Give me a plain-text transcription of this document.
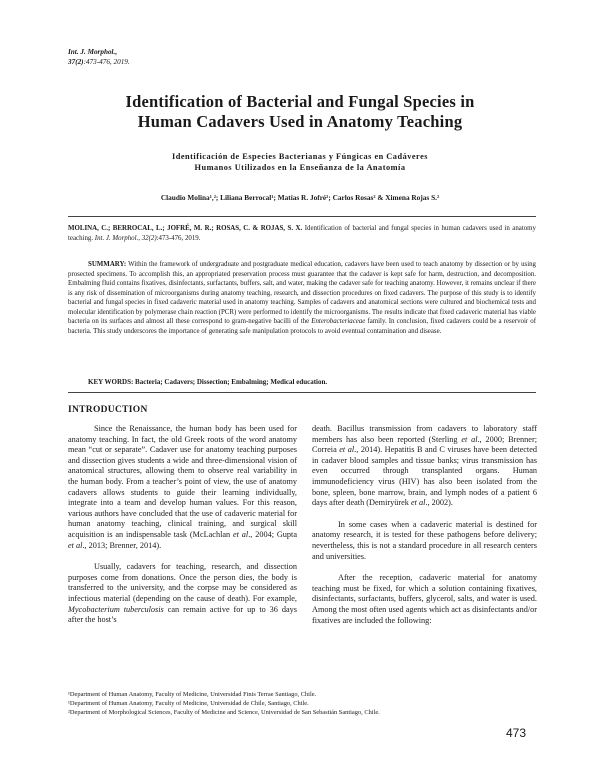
Int. J. Morphol.,
37(2):473-476, 2019.
Identification of Bacterial and Fungal Species in
Human Cadavers Used in Anatomy Teaching
Identificación de Especies Bacterianas y Fúngicas en Cadáveres
Humanos Utilizados en la Enseñanza de la Anatomía
Claudio Molina¹,²; Liliana Berrocal¹; Matías R. Jofré²; Carlos Rosas² & Ximena Rojas S.²
MOLINA, C.; BERROCAL, L.; JOFRÉ, M. R.; ROSAS, C. & ROJAS, S. X. Identification of bacterial and fungal species in human cadavers used in anatomy teaching. Int. J. Morphol., 32(2):473-476, 2019.
SUMMARY: Within the framework of undergraduate and postgraduate medical education, cadavers have been used to teach anatomy by dissection or by using prosected specimens. To accomplish this, an appropriated preservation process must guarantee that the cadaver is kept safe for harm, destruction, and decomposition. Embalming fluid contains fixatives, disinfectants, surfactants, buffers, salt, and water, making the cadaver safe for teaching anatomy. However, it remains unclear if there is any risk of dissemination of microorganisms during anatomy teaching, research, and dissection procedures on fixed cadavers. The purpose of this study is to identify bacterial and fungal species in fixed cadaveric material used in anatomy teaching. Samples of cadavers and anatomical sections were cultured and biochemical tests and molecular identification by polymerase chain reaction (PCR) were performed to identify the microorganisms. The results indicate that fixed cadaveric material has viable bacteria on its surfaces and almost all these correspond to gram-negative bacilli of the Enterobacteriaceae family. In conclusion, fixed cadavers could be a reservoir of bacteria. This study underscores the importance of generating safe manipulation protocols to avoid eventual contamination and disease.
KEY WORDS: Bacteria; Cadavers; Dissection; Embalming; Medical education.
INTRODUCTION

Since the Renaissance, the human body has been used for anatomy teaching. In fact, the old Greek roots of the word anatomy mean “cut or separate”. Cadaver use for anatomy teaching purposes and dissection gives students a wide and three-dimensional vision of anatomical structures, allowing them to observe real variability in the human body. From a teacher’s point of view, the use of anatomy cadavers allows students to guide their learning individually, integrate into a team and develop human values. For this reason, various authors have concluded that the use of cadaveric material for human anatomy teaching, clinical training, and surgical skill acquisition is an indispensable task (McLachlan et al., 2004; Gupta et al., 2013; Brenner, 2014).

Usually, cadavers for teaching, research, and dissection purposes come from donations. Once the person dies, the body is transferred to the university, and the corpse may be considered as infectious material (depending on the cause of death). For example, Mycobacterium tuberculosis can remain active for up to 36 days after the host’s

death. Bacillus transmission from cadavers to laboratory staff members has also been reported (Sterling et al., 2000; Brenner; Correia et al., 2014). Hepatitis B and C viruses have been detected in cadaver blood samples and tissue banks; virus transmission has even occurred through transplanted organs. Human immunodeficiency virus (HIV) has also been isolated from the bone, spleen, bone marrow, brain, and lymph nodes of a patient 6 days after death (Demiryürek et al., 2002).

In some cases when a cadaveric material is destined for anatomy research, it is tested for these pathogens before delivery; nevertheless, this is not a standard procedure in all research centers and universities.

After the reception, cadaveric material for anatomy teaching must be fixed, for which a solution containing fixatives, disinfectants, surfactants, buffers, glycerol, salts, and water is used. Among the most often used agents which act as disinfectants and/or fixatives are included the following:

¹Department of Human Anatomy, Faculty of Medicine, Universidad Finis Terrae Santiago, Chile.
¹Department of Human Anatomy, Faculty of Medicine, Universidad de Chile, Santiago, Chile.
²Department of Morphological Sciences, Faculty of Medicine and Science, Universidad de San Sebastián Santiago, Chile.
473
